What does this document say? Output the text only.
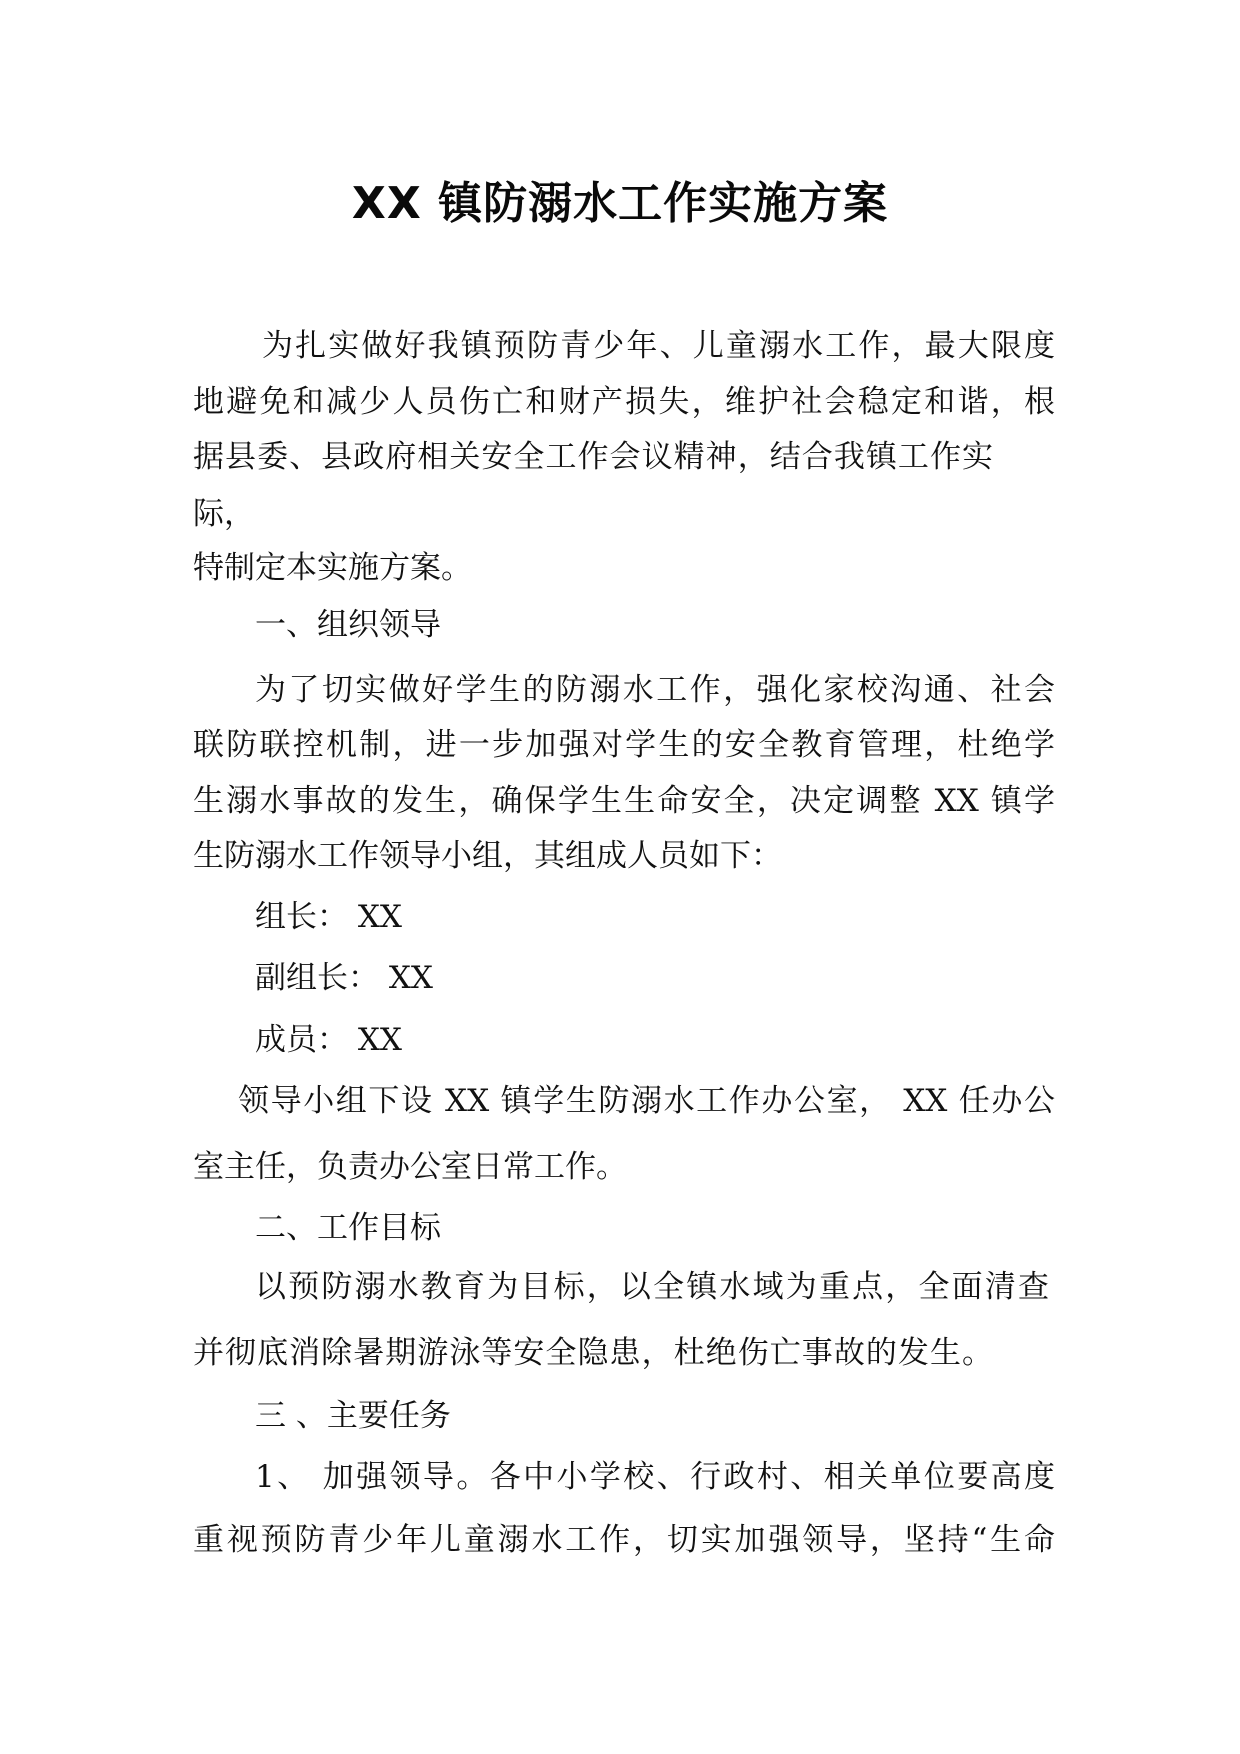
XX 镇防溺水工作实施方案
为扎实做好我镇预防青少年、儿童溺水工作，最大限度
地避免和减少人员伤亡和财产损失，维护社会稳定和谐，根
据县委、县政府相关安全工作会议精神，结合我镇工作实
际，
特制定本实施方案。
一、组织领导
为了切实做好学生的防溺水工作，强化家校沟通、社会
联防联控机制，进一步加强对学生的安全教育管理，杜绝学
生溺水事故的发生，确保学生生命安全，决定调整 XX 镇学
生防溺水工作领导小组，其组成人员如下：
组长： XX
副组长： XX
成员： XX
领导小组下设 XX 镇学生防溺水工作办公室， XX 任办公
室主任，负责办公室日常工作。
二、工作目标
以预防溺水教育为目标，以全镇水域为重点，全面清查
并彻底消除暑期游泳等安全隐患，杜绝伤亡事故的发生。
三 、主要任务
1、 加强领导。各中小学校、行政村、相关单位要高度
重视预防青少年儿童溺水工作，切实加强领导，坚持“生命
